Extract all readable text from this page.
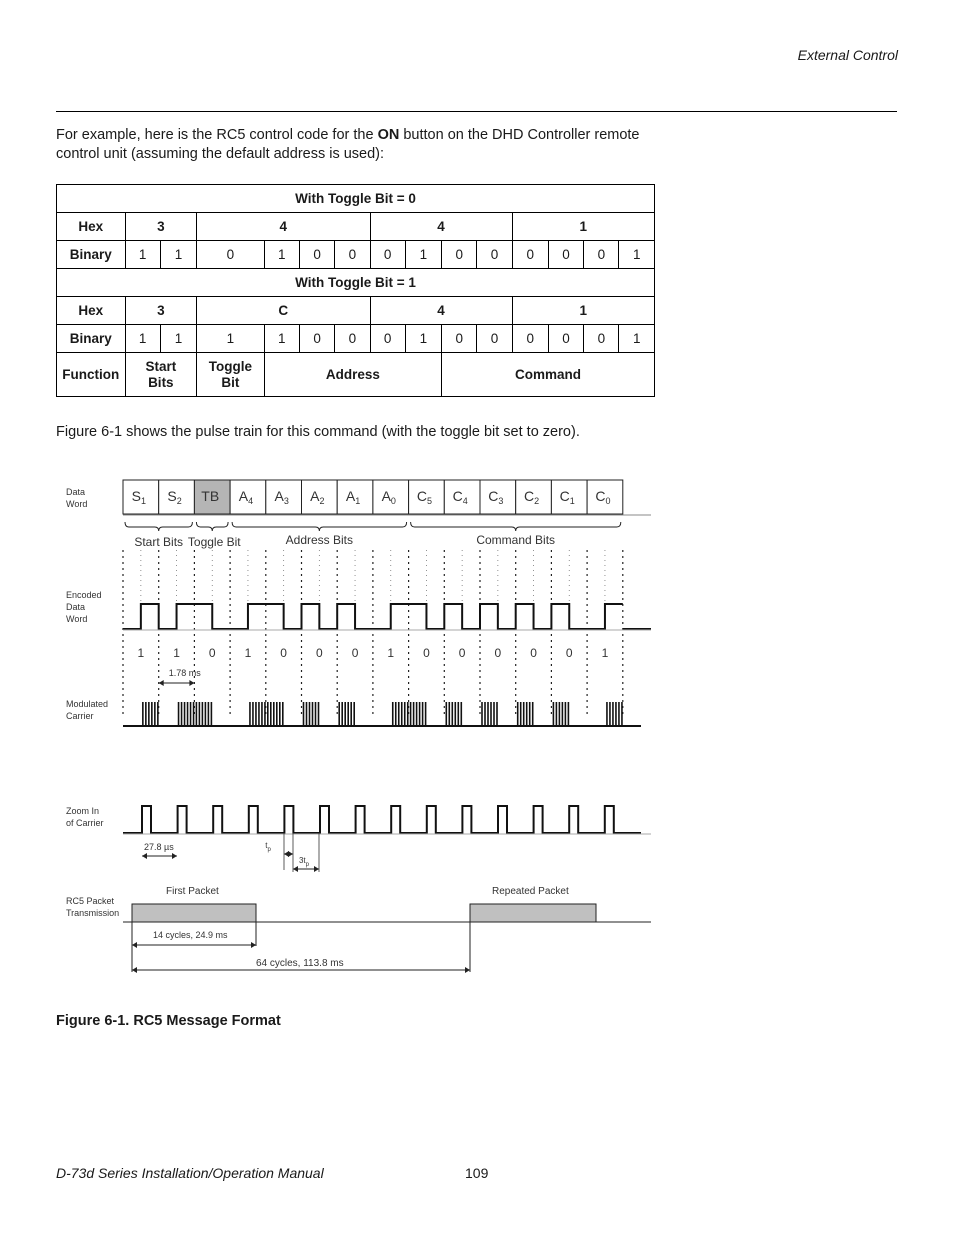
External Control
For example, here is the RC5 control code for the ON button on the DHD Controller remote control unit (assuming the default address is used):
With Toggle Bit = 0														
Hex	3		4				4				1			
Binary	1	1	0	1	0	0	0	1	0	0	0	0	0	1
With Toggle Bit = 1														
Hex	3		C				4				1			
Binary	1	1	1	1	0	0	0	1	0	0	0	0	0	1
Function	Start Bits		Toggle Bit	Address					Command					
Figure 6-1 shows the pulse train for this command (with the toggle bit set to zero).
Data
Word	$S_1$ $S_2$ TB $A_4$ $A_3$ $A_2$ $A_1$ $A_0$ $C_5$ $C_4$ $C_3$ $C_2$ $C_1$ $C_0$
Start Bits Toggle Bit	Address Bits	Command Bits
Encoded
Data
Word
1 1 0 1 0 0 0 1 0 0 0 0 0 1
1.78 ms
Modulated
Carrier
Zoom In
of Carrier
27.8 µs	$t_p$
$3t_p$
RC5 Packet
Transmission
First Packet	Repeated Packet
14 cycles, 24.9 ms
64 cycles, 113.8 ms
Figure 6-1. RC5 Message Format
D-73d Series Installation/Operation Manual	109
